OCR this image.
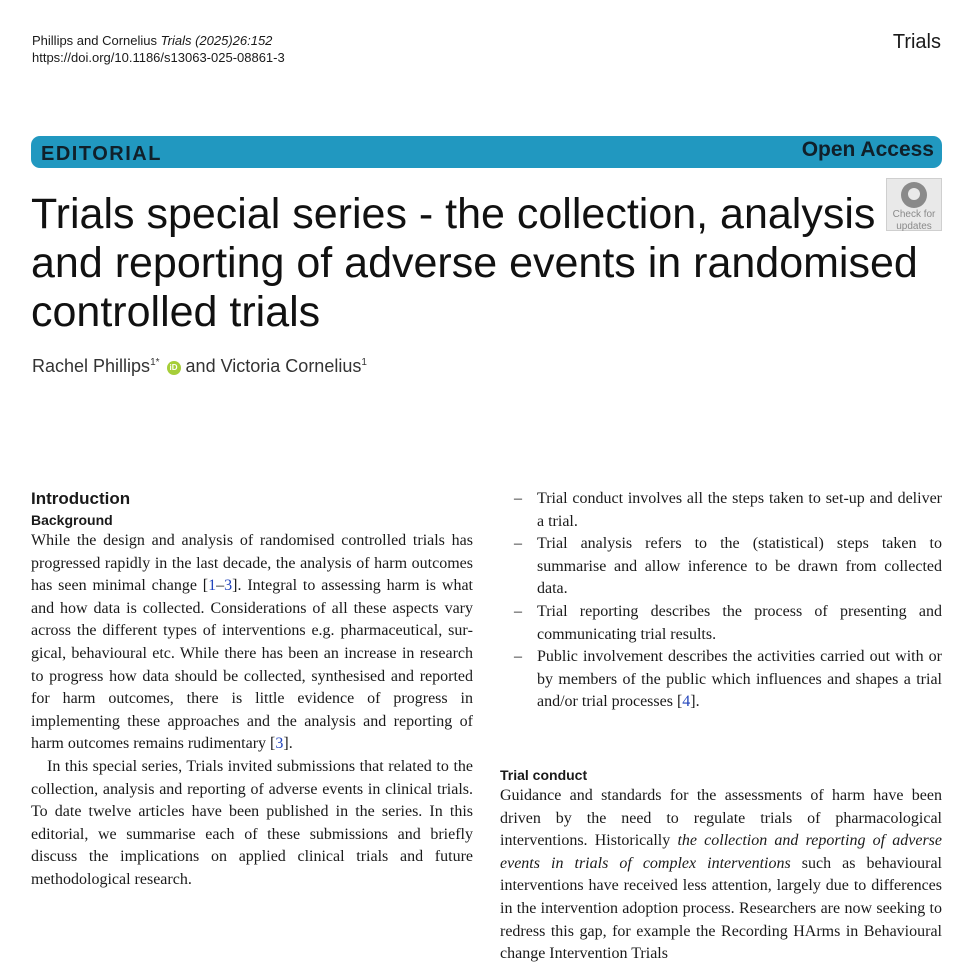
Phillips and Cornelius Trials (2025)26:152
https://doi.org/10.1186/s13063-025-08861-3
Trials
EDITORIAL	Open Access
Check for
updates
Trials special series - the collection, analysis and reporting of adverse events in randomised controlled trials
Rachel Phillips$^{1*}$ iD and Victoria Cornelius$^1$
Introduction
Background

While the design and analysis of randomised controlled trials has progressed rapidly in the last decade, the analysis of harm outcomes has seen minimal change [1–3]. Integral to assessing harm is what and how data is collected. Considerations of all these aspects vary across the different types of interventions e.g. pharmaceutical, surgical, behavioural etc. While there has been an increase in research to progress how data should be collected, synthesised and reported for harm outcomes, there is little evidence of progress in implementing these approaches and the analysis and reporting of harm outcomes remains rudimentary [3].

In this special series, Trials invited submissions that related to the collection, analysis and reporting of adverse events in clinical trials. To date twelve articles have been published in the series. In this editorial, we summarise each of these submissions and briefly discuss the implications on applied clinical trials and future methodological research.

– Trial conduct involves all the steps taken to set-up and deliver a trial.
– Trial analysis refers to the (statistical) steps taken to summarise and allow inference to be drawn from collected data.
– Trial reporting describes the process of presenting and communicating trial results.
– Public involvement describes the activities carried out with or by members of the public which influences and shapes a trial and/or trial processes [4].
Trial conduct

Guidance and standards for the assessments of harm have been driven by the need to regulate trials of pharmacological interventions. Historically the collection and reporting of adverse events in trials of complex interventions such as behavioural interventions have received less attention, largely due to differences in the intervention adoption process. Researchers are now seeking to redress this gap, for example the Recording HArms in Behavioural change Intervention Trials
